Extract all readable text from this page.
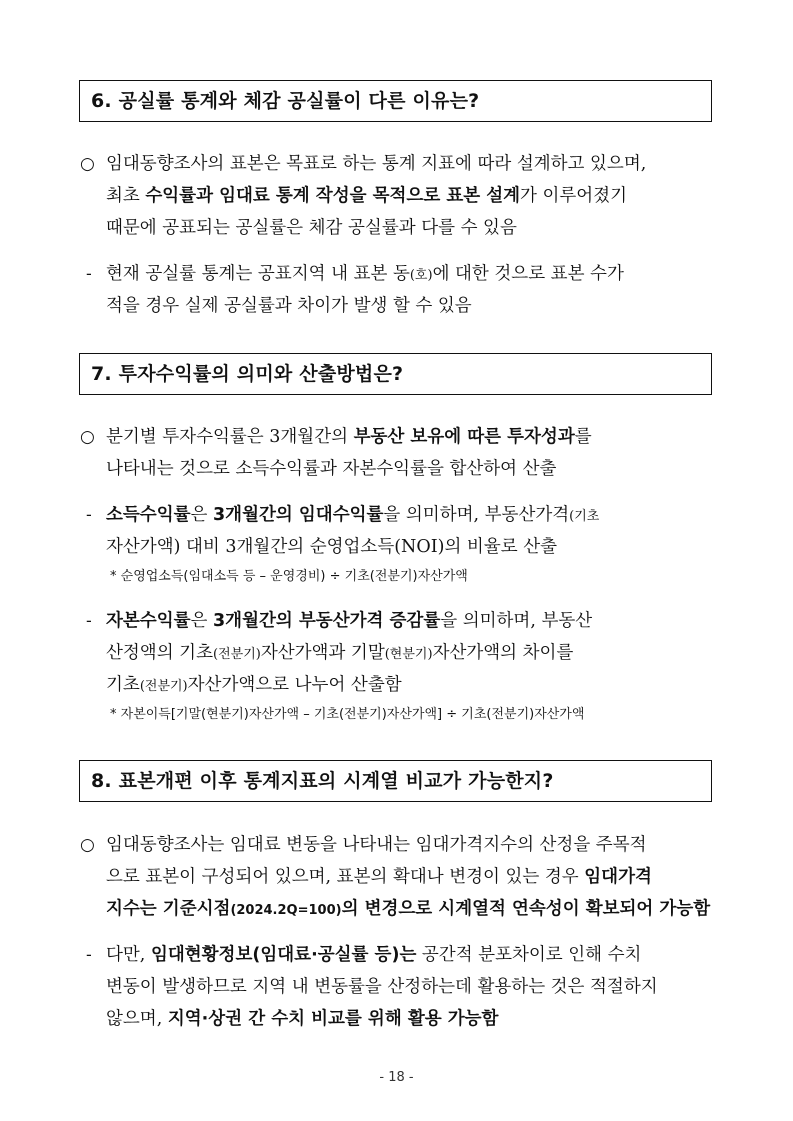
6. 공실률 통계와 체감 공실률이 다른 이유는?
○ 임대동향조사의 표본은 목표로 하는 통계 지표에 따라 설계하고 있으며,
최초 수익률과 임대료 통계 작성을 목적으로 표본 설계가 이루어졌기
때문에 공표되는 공실률은 체감 공실률과 다를 수 있음
- 현재 공실률 통계는 공표지역 내 표본 동(호)에 대한 것으로 표본 수가
적을 경우 실제 공실률과 차이가 발생 할 수 있음
7. 투자수익률의 의미와 산출방법은?
○ 분기별 투자수익률은 3개월간의 부동산 보유에 따른 투자성과를
나타내는 것으로 소득수익률과 자본수익률을 합산하여 산출
- 소득수익률은 3개월간의 임대수익률을 의미하며, 부동산가격(기초
자산가액) 대비 3개월간의 순영업소득(NOI)의 비율로 산출
* 순영업소득(임대소득 등 – 운영경비) ÷ 기초(전분기)자산가액
- 자본수익률은 3개월간의 부동산가격 증감률을 의미하며, 부동산
산정액의 기초(전분기)자산가액과 기말(현분기)자산가액의 차이를
기초(전분기)자산가액으로 나누어 산출함
* 자본이득[기말(현분기)자산가액 – 기초(전분기)자산가액] ÷ 기초(전분기)자산가액
8. 표본개편 이후 통계지표의 시계열 비교가 가능한지?
○ 임대동향조사는 임대료 변동을 나타내는 임대가격지수의 산정을 주목적
으로 표본이 구성되어 있으며, 표본의 확대나 변경이 있는 경우 임대가격
지수는 기준시점(2024.2Q=100)의 변경으로 시계열적 연속성이 확보되어 가능함
- 다만, 임대현황정보(임대료·공실률 등)는 공간적 분포차이로 인해 수치
변동이 발생하므로 지역 내 변동률을 산정하는데 활용하는 것은 적절하지
않으며, 지역·상권 간 수치 비교를 위해 활용 가능함
- 18 -
